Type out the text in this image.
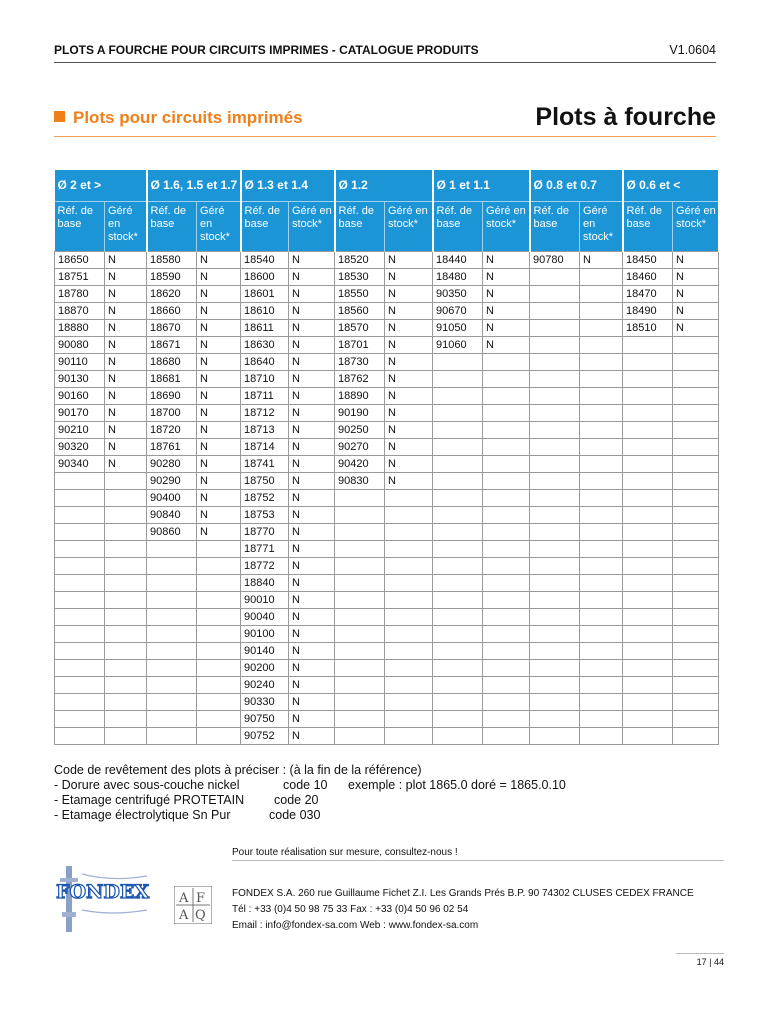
PLOTS A FOURCHE POUR CIRCUITS IMPRIMES - CATALOGUE PRODUITS	V1.0604
Plots pour circuits imprimés	Plots à fourche
Ø 2 et >		Ø 1.6, 1.5 et 1.7		Ø 1.3 et 1.4		Ø 1.2		Ø 1 et 1.1		Ø 0.8 et 0.7		Ø 0.6 et <	
Réf. de base	Géré en stock*	Réf. de base	Géré en stock*	Réf. de base	Géré en stock*	Réf. de base	Géré en stock*	Réf. de base	Géré en stock*	Réf. de base	Géré en stock*	Réf. de base	Géré en stock*
18650	N	18580	N	18540	N	18520	N	18440	N	90780	N	18450	N
18751	N	18590	N	18600	N	18530	N	18480	N			18460	N
18780	N	18620	N	18601	N	18550	N	90350	N			18470	N
18870	N	18660	N	18610	N	18560	N	90670	N			18490	N
18880	N	18670	N	18611	N	18570	N	91050	N			18510	N
90080	N	18671	N	18630	N	18701	N	91060	N				
90110	N	18680	N	18640	N	18730	N						
90130	N	18681	N	18710	N	18762	N						
90160	N	18690	N	18711	N	18890	N						
90170	N	18700	N	18712	N	90190	N						
90210	N	18720	N	18713	N	90250	N						
90320	N	18761	N	18714	N	90270	N						
90340	N	90280	N	18741	N	90420	N						
		90290	N	18750	N	90830	N						
		90400	N	18752	N								
		90840	N	18753	N								
		90860	N	18770	N								
				18771	N								
				18772	N								
				18840	N								
				90010	N								
				90040	N								
				90100	N								
				90140	N								
				90200	N								
				90240	N								
				90330	N								
				90750	N								
				90752	N								
Code de revêtement des plots à préciser : (à la fin de la référence)
- Dorure avec sous-couche nickel	code 10 exemple : plot 1865.0 doré = 1865.0.10
- Etamage centrifugé PROTETAIN code 20
- Etamage électrolytique Sn Pur	code 030
Pour toute réalisation sur mesure, consultez-nous !
FONDEX A F
A Q
FONDEX S.A. 260 rue Guillaume Fichet Z.I. Les Grands Prés B.P. 90 74302 CLUSES CEDEX FRANCE
Tél : +33 (0)4 50 98 75 33 Fax : +33 (0)4 50 96 02 54
Email : info@fondex-sa.com Web : www.fondex-sa.com
17 | 44
